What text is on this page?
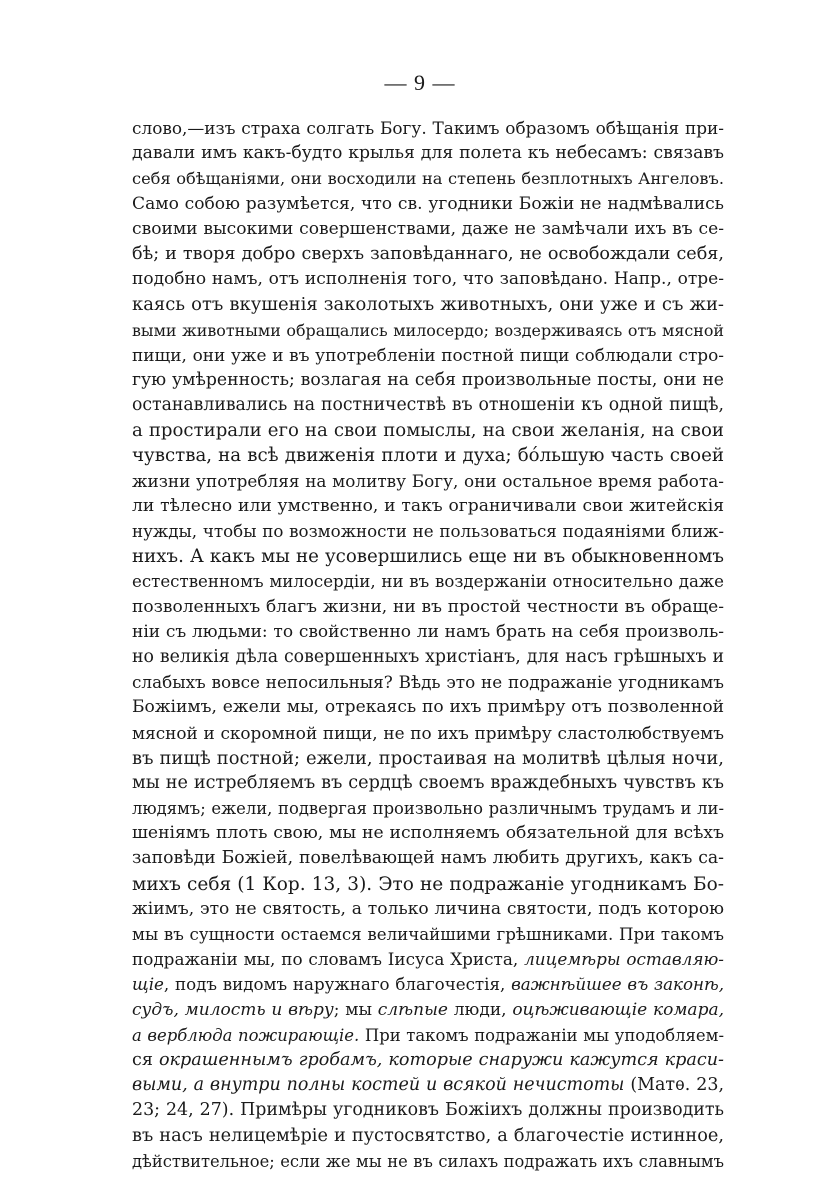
— 9 —
слово,—изъ страха солгать Богу. Такимъ образомъ обѣщанія при-
давали имъ какъ-будто крылья для полета къ небесамъ: связавъ
себя обѣщаніями, они восходили на степень безплотныхъ Ангеловъ.
Само собою разумѣется, что св. угодники Божіи не надмѣвались
своими высокими совершенствами, даже не замѣчали ихъ въ се-
бѣ; и творя добро сверхъ заповѣданнаго, не освобождали себя,
подобно намъ, отъ исполненія того, что заповѣдано. Напр., отре-
каясь отъ вкушенія заколотыхъ животныхъ, они уже и съ жи-
выми животными обращались милосердо; воздерживаясь отъ мясной
пищи, они уже и въ употребленіи постной пищи соблюдали стро-
гую умѣренность; возлагая на себя произвольные посты, они не
останавливались на постничествѣ въ отношеніи къ одной пищѣ,
а простирали его на свои помыслы, на свои желанія, на свои
чувства, на всѣ движенія плоти и духа; бóльшую часть своей
жизни употребляя на молитву Богу, они остальное время работа-
ли тѣлесно или умственно, и такъ ограничивали свои житейскія
нужды, чтобы по возможности не пользоваться подаяніями ближ-
нихъ. А какъ мы не усовершились еще ни въ обыкновенномъ
естественномъ милосердіи, ни въ воздержаніи относительно даже
позволенныхъ благъ жизни, ни въ простой честности въ обраще-
ніи съ людьми: то свойственно ли намъ брать на себя произволь-
но великія дѣла совершенныхъ христіанъ, для насъ грѣшныхъ и
слабыхъ вовсе непосильныя? Вѣдь это не подражаніе угодникамъ
Божіимъ, ежели мы, отрекаясь по ихъ примѣру отъ позволенной
мясной и скоромной пищи, не по ихъ примѣру сластолюбствуемъ
въ пищѣ постной; ежели, простаивая на молитвѣ цѣлыя ночи,
мы не истребляемъ въ сердцѣ своемъ враждебныхъ чувствъ къ
людямъ; ежели, подвергая произвольно различнымъ трудамъ и ли-
шеніямъ плоть свою, мы не исполняемъ обязательной для всѣхъ
заповѣди Божіей, повелѣвающей намъ любить другихъ, какъ са-
михъ себя (1 Кор. 13, 3). Это не подражаніе угодникамъ Бо-
жіимъ, это не святость, а только личина святости, подъ которою
мы въ сущности остаемся величайшими грѣшниками. При такомъ
подражаніи мы, по словамъ Іисуса Христа, лицемѣры оставляю-
щіе, подъ видомъ наружнаго благочестія, важнѣйшее въ законѣ,
судъ, милость и вѣру; мы слѣпые люди, оцѣживающіе комара,
а верблюда пожирающіе. При такомъ подражаніи мы уподобляем-
ся окрашеннымъ гробамъ, которые снаружи кажутся краси-
выми, а внутри полны костей и всякой нечистоты (Матѳ. 23,
23; 24, 27). Примѣры угодниковъ Божіихъ должны производить
въ насъ нелицемѣріе и пустосвятство, а благочестіе истинное,
дѣйствительное; если же мы не въ силахъ подражать ихъ славнымъ
